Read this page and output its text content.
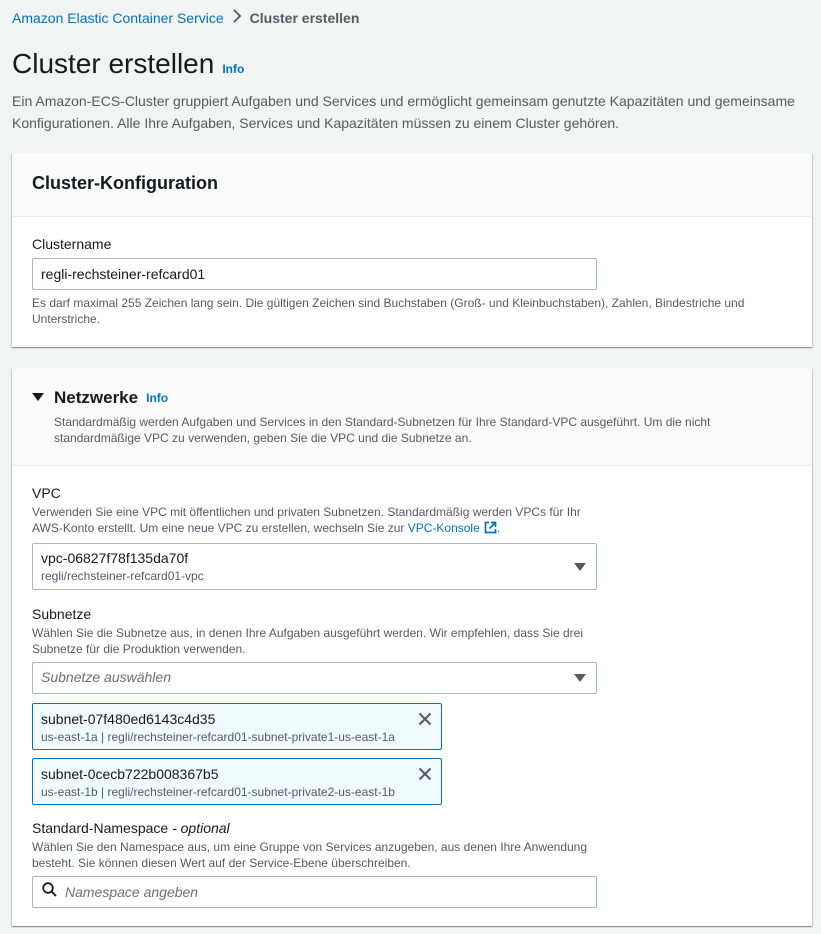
Amazon Elastic Container Service Cluster erstellen
Cluster erstellen Info

Ein Amazon-ECS-Cluster gruppiert Aufgaben und Services und ermöglicht gemeinsam genutzte Kapazitäten und gemeinsame Konfigurationen. Alle Ihre Aufgaben, Services und Kapazitäten müssen zu einem Cluster gehören.

Cluster-Konfiguration
Clustername
regli-rechsteiner-refcard01
Es darf maximal 255 Zeichen lang sein. Die gültigen Zeichen sind Buchstaben (Groß- und Kleinbuchstaben), Zahlen, Bindestriche und Unterstriche.
Netzwerke Info
Standardmäßig werden Aufgaben und Services in den Standard-Subnetzen für Ihre Standard-VPC ausgeführt. Um die nicht standardmäßige VPC zu verwenden, geben Sie die VPC und die Subnetze an.
VPC
Verwenden Sie eine VPC mit öffentlichen und privaten Subnetzen. Standardmäßig werden VPCs für Ihr AWS-Konto erstellt. Um eine neue VPC zu erstellen, wechseln Sie zur VPC-Konsole .
vpc-06827f78f135da70f
regli/rechsteiner-refcard01-vpc
Subnetze
Wählen Sie die Subnetze aus, in denen Ihre Aufgaben ausgeführt werden. Wir empfehlen, dass Sie drei Subnetze für die Produktion verwenden.
Subnetze auswählen
subnet-07f480ed6143c4d35
us-east-1a | regli/rechsteiner-refcard01-subnet-private1-us-east-1a
subnet-0cecb722b008367b5
us-east-1b | regli/rechsteiner-refcard01-subnet-private2-us-east-1b
Standard-Namespace - optional
Wählen Sie den Namespace aus, um eine Gruppe von Services anzugeben, aus denen Ihre Anwendung besteht. Sie können diesen Wert auf der Service-Ebene überschreiben.
Namespace angeben
